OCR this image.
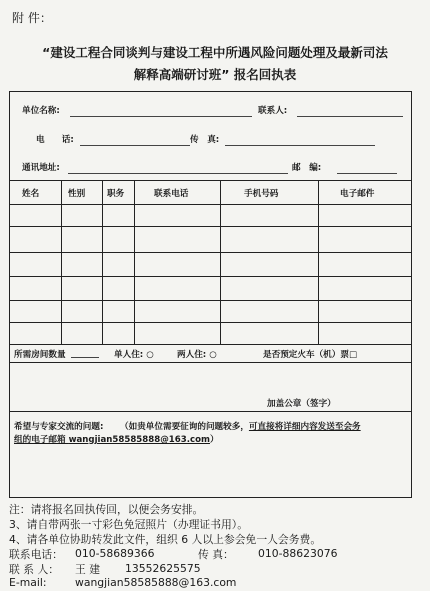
附 件：
“建设工程合同谈判与建设工程中所遇风险问题处理及最新司法
解释高端研讨班” 报名回执表
单位名称:	联系人:
电　　话:	传　真:
通讯地址:	邮　编:
姓名	性别	职务	联系电话	手机号码	电子邮件
所需房间数量	单人住: ○	两人住: ○	是否预定火车（机）票□
加盖公章（签字）
希望与专家交流的问题: （如贵单位需要征询的问题较多，可直接将详细内容发送至会务
组的电子邮箱 wangjian58585888@163.com）
注：请将报名回执传回，以便会务安排。
3、请自带两张一寸彩色免冠照片（办理证书用）。
4、请各单位协助转发此文件，组织 6 人以上参会免一人会务费。
联系电话： 010-58689366	传 真： 010-88623076
联 系 人： 王 建 13552625575
E-mail:	wangjian58585888@163.com
